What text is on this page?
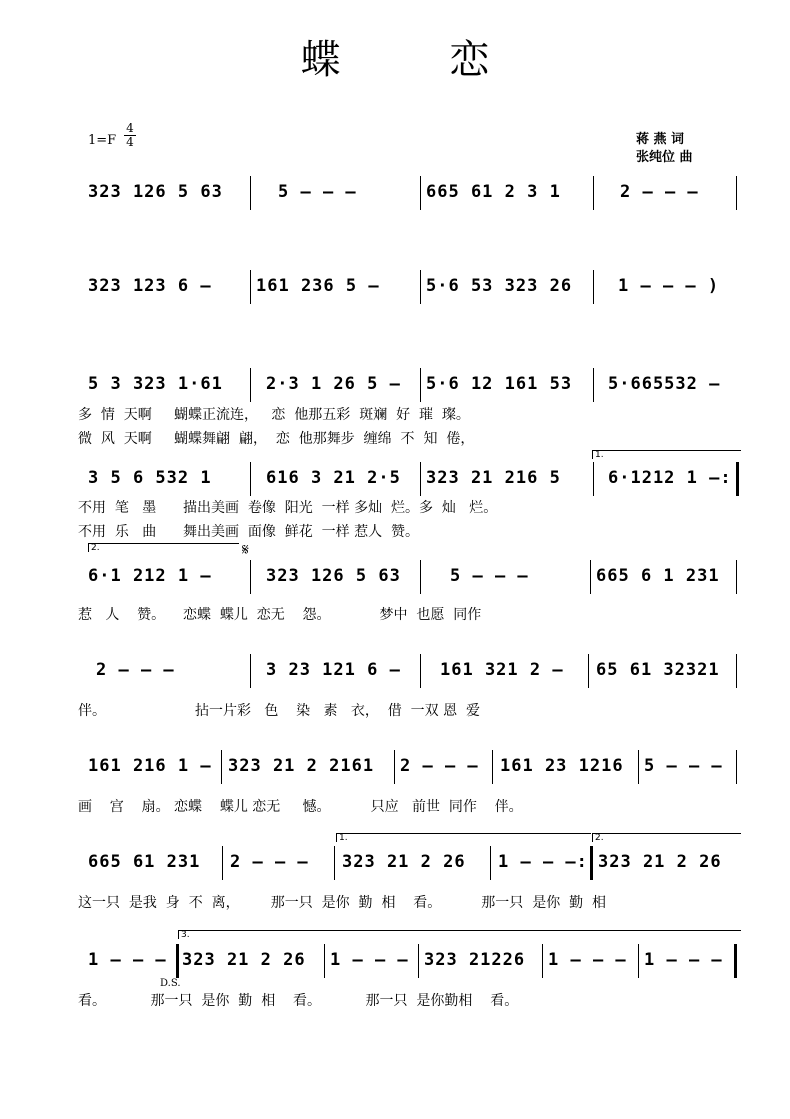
蝶 恋
1=F
4
4	蒋 燕 词
张纯位 曲
323 126 5 63	5 – – –	665 61 2 3 1	2 – – –
323 123 6 –	161 236 5 –	5·6 53 323 26	1 – – – )
5 3 323 1·61	2·3 1 26 5 – 5·6 12 161 53 5·665532 –
多  情  天啊     蝴蝶正流连，   恋  他那五彩  斑斓  好  璀  璨。
微  风  天啊     蝴蝶舞翩  翩，  恋  他那舞步  缠绵  不  知  倦，
1.
3 5 6 532 1	616 3 21 2·5 323 21 216 5	6·1212 1 –:
不用  笔   墨      描出美画  卷像  阳光  一样 多灿  烂。多  灿   烂。
不用  乐   曲      舞出美画  面像  鲜花  一样 惹人  赞。
2.	𝄋
6·1 212 1 –	323 126 5 63	5 – – –	665 6 1 231
惹   人    赞。    恋蝶  蝶儿  恋无    怨。           梦中  也愿  同作
2 – – –	3 23 121 6 – 161 321 2 – 65 61 32321
伴。                    拈一片彩   色    染   素   衣，  借  一双 恩  爱
161 216 1 – 323 21 2 2161 2 – – – 161 23 1216 5 – – –
画    宫    扇。 恋蝶    蝶儿 恋无     憾。         只应   前世  同作    伴。
1.	2.
665 61 231 2 – – – 323 21 2 26 1 – – –: 323 21 2 26
这一只  是我  身  不  离，       那一只  是你  勤  相    看。         那一只  是你  勤  相
3.
1 – – – 323 21 2 26 1 – – – 323 21226 1 – – – 1 – – –
D.S.
看。          那一只  是你  勤  相    看。          那一只  是你勤相    看。
